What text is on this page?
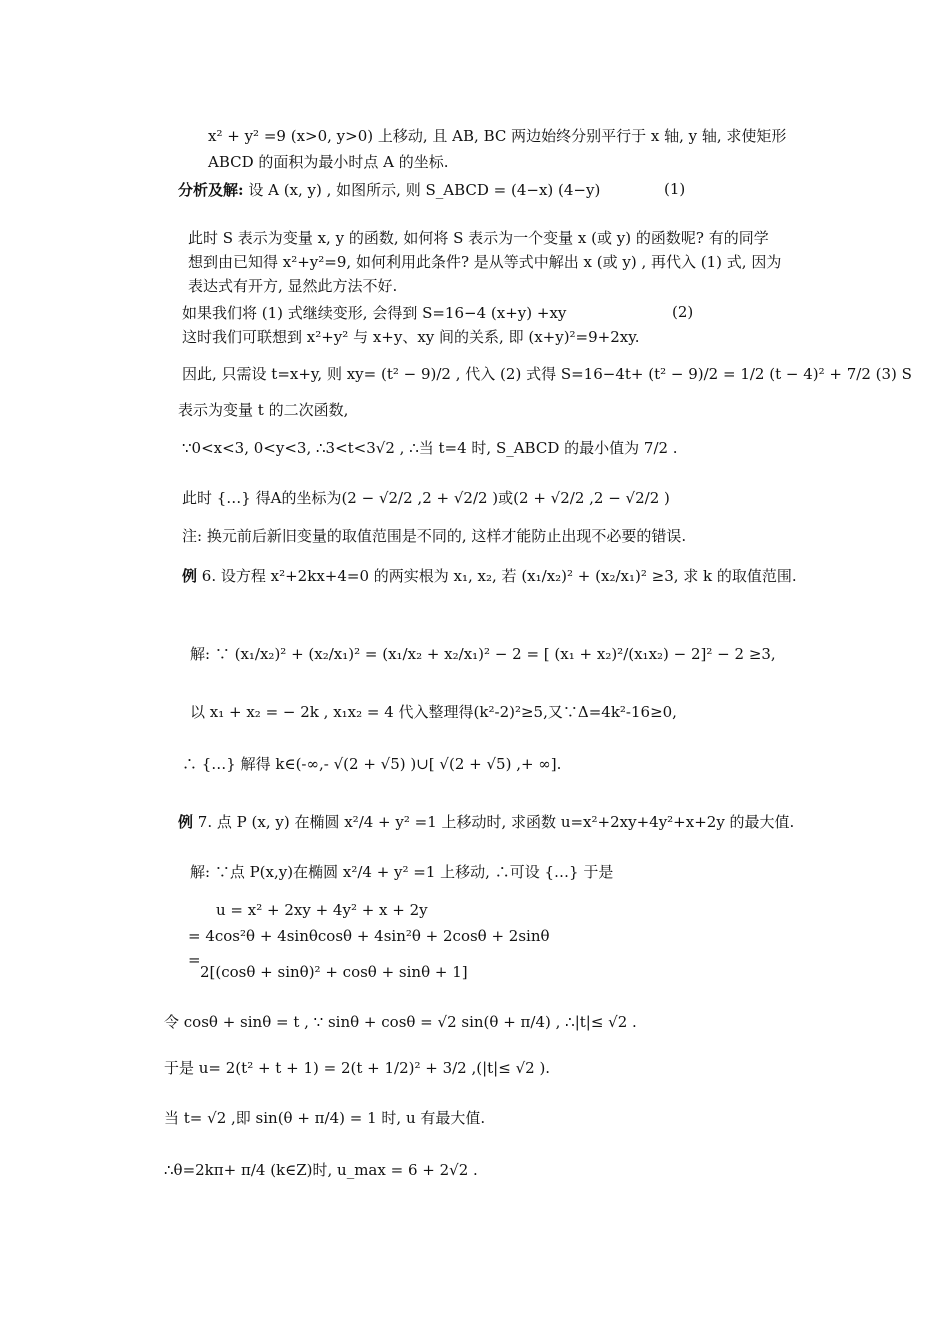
x² + y² =9 (x>0, y>0) 上移动, 且 AB, BC 两边始终分别平行于 x 轴, y 轴, 求使矩形
ABCD 的面积为最小时点 A 的坐标.
分析及解: 设 A (x, y) , 如图所示, 则 S_ABCD = (4−x) (4−y)	(1)
此时 S 表示为变量 x, y 的函数, 如何将 S 表示为一个变量 x (或 y) 的函数呢? 有的同学
想到由已知得 x²+y²=9, 如何利用此条件? 是从等式中解出 x (或 y) , 再代入 (1) 式, 因为
表达式有开方, 显然此方法不好.
如果我们将 (1) 式继续变形, 会得到 S=16−4 (x+y) +xy	(2)
这时我们可联想到 x²+y² 与 x+y、xy 间的关系, 即 (x+y)²=9+2xy.
因此, 只需设 t=x+y, 则 xy= (t² − 9)/2 , 代入 (2) 式得 S=16−4t+ (t² − 9)/2 = 1/2 (t − 4)² + 7/2 (3) S
表示为变量 t 的二次函数,
∵0<x<3, 0<y<3, ∴3<t<3√2 , ∴当 t=4 时, S_ABCD 的最小值为 7/2 .
此时 {…} 得A的坐标为(2 − √2/2 ,2 + √2/2 )或(2 + √2/2 ,2 − √2/2 )
注: 换元前后新旧变量的取值范围是不同的, 这样才能防止出现不必要的错误.
例 6. 设方程 x²+2kx+4=0 的两实根为 x₁, x₂, 若 (x₁/x₂)² + (x₂/x₁)² ≥3, 求 k 的取值范围.
解: ∵ (x₁/x₂)² + (x₂/x₁)² = (x₁/x₂ + x₂/x₁)² − 2 = [ (x₁ + x₂)²/(x₁x₂) − 2]² − 2 ≥3,
以 x₁ + x₂ = − 2k , x₁x₂ = 4 代入整理得(k²-2)²≥5,又∵Δ=4k²-16≥0,
∴ {…} 解得 k∈(-∞,- √(2 + √5) )∪[ √(2 + √5) ,+ ∞].
例 7. 点 P (x, y) 在椭圆 x²/4 + y² =1 上移动时, 求函数 u=x²+2xy+4y²+x+2y 的最大值.
解: ∵点 P(x,y)在椭圆 x²/4 + y² =1 上移动, ∴可设 {…} 于是
u = x² + 2xy + 4y² + x + 2y
= 4cos²θ + 4sinθcosθ + 4sin²θ + 2cosθ + 2sinθ
=
2[(cosθ + sinθ)² + cosθ + sinθ + 1]
令 cosθ + sinθ = t , ∵ sinθ + cosθ = √2 sin(θ + π/4) , ∴|t|≤ √2 .
于是 u= 2(t² + t + 1) = 2(t + 1/2)² + 3/2 ,(|t|≤ √2 ).
当 t= √2 ,即 sin(θ + π/4) = 1 时, u 有最大值.
∴θ=2kπ+ π/4 (k∈Z)时, u_max = 6 + 2√2 .
